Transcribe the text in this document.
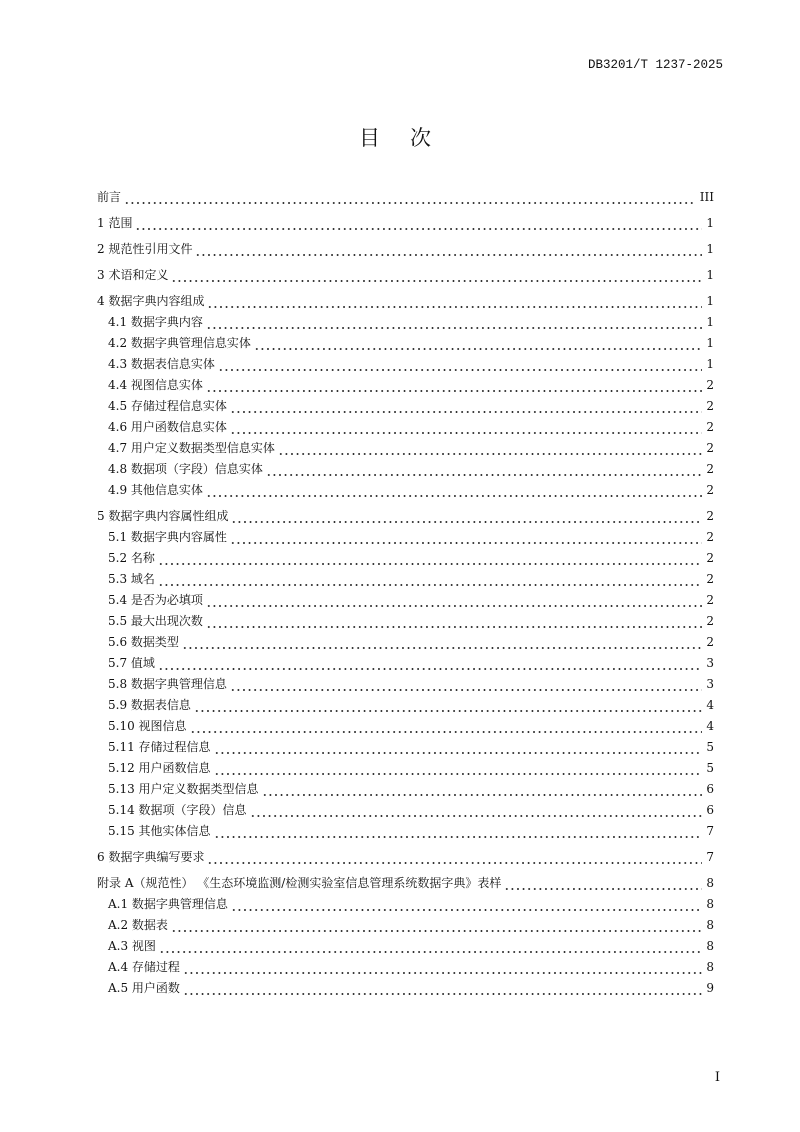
DB3201/T 1237-2025
目次
前言	III
1 范围	1
2 规范性引用文件	1
3 术语和定义	1
4 数据字典内容组成	1
4.1 数据字典内容	1
4.2 数据字典管理信息实体	1
4.3 数据表信息实体	1
4.4 视图信息实体	2
4.5 存储过程信息实体	2
4.6 用户函数信息实体	2
4.7 用户定义数据类型信息实体	2
4.8 数据项（字段）信息实体	2
4.9 其他信息实体	2
5 数据字典内容属性组成	2
5.1 数据字典内容属性	2
5.2 名称	2
5.3 域名	2
5.4 是否为必填项	2
5.5 最大出现次数	2
5.6 数据类型	2
5.7 值域	3
5.8 数据字典管理信息	3
5.9 数据表信息	4
5.10 视图信息	4
5.11 存储过程信息	5
5.12 用户函数信息	5
5.13 用户定义数据类型信息	6
5.14 数据项（字段）信息	6
5.15 其他实体信息	7
6 数据字典编写要求	7
附录 A（规范性） 《生态环境监测/检测实验室信息管理系统数据字典》表样	8
A.1 数据字典管理信息	8
A.2 数据表	8
A.3 视图	8
A.4 存储过程	8
A.5 用户函数	9
I
